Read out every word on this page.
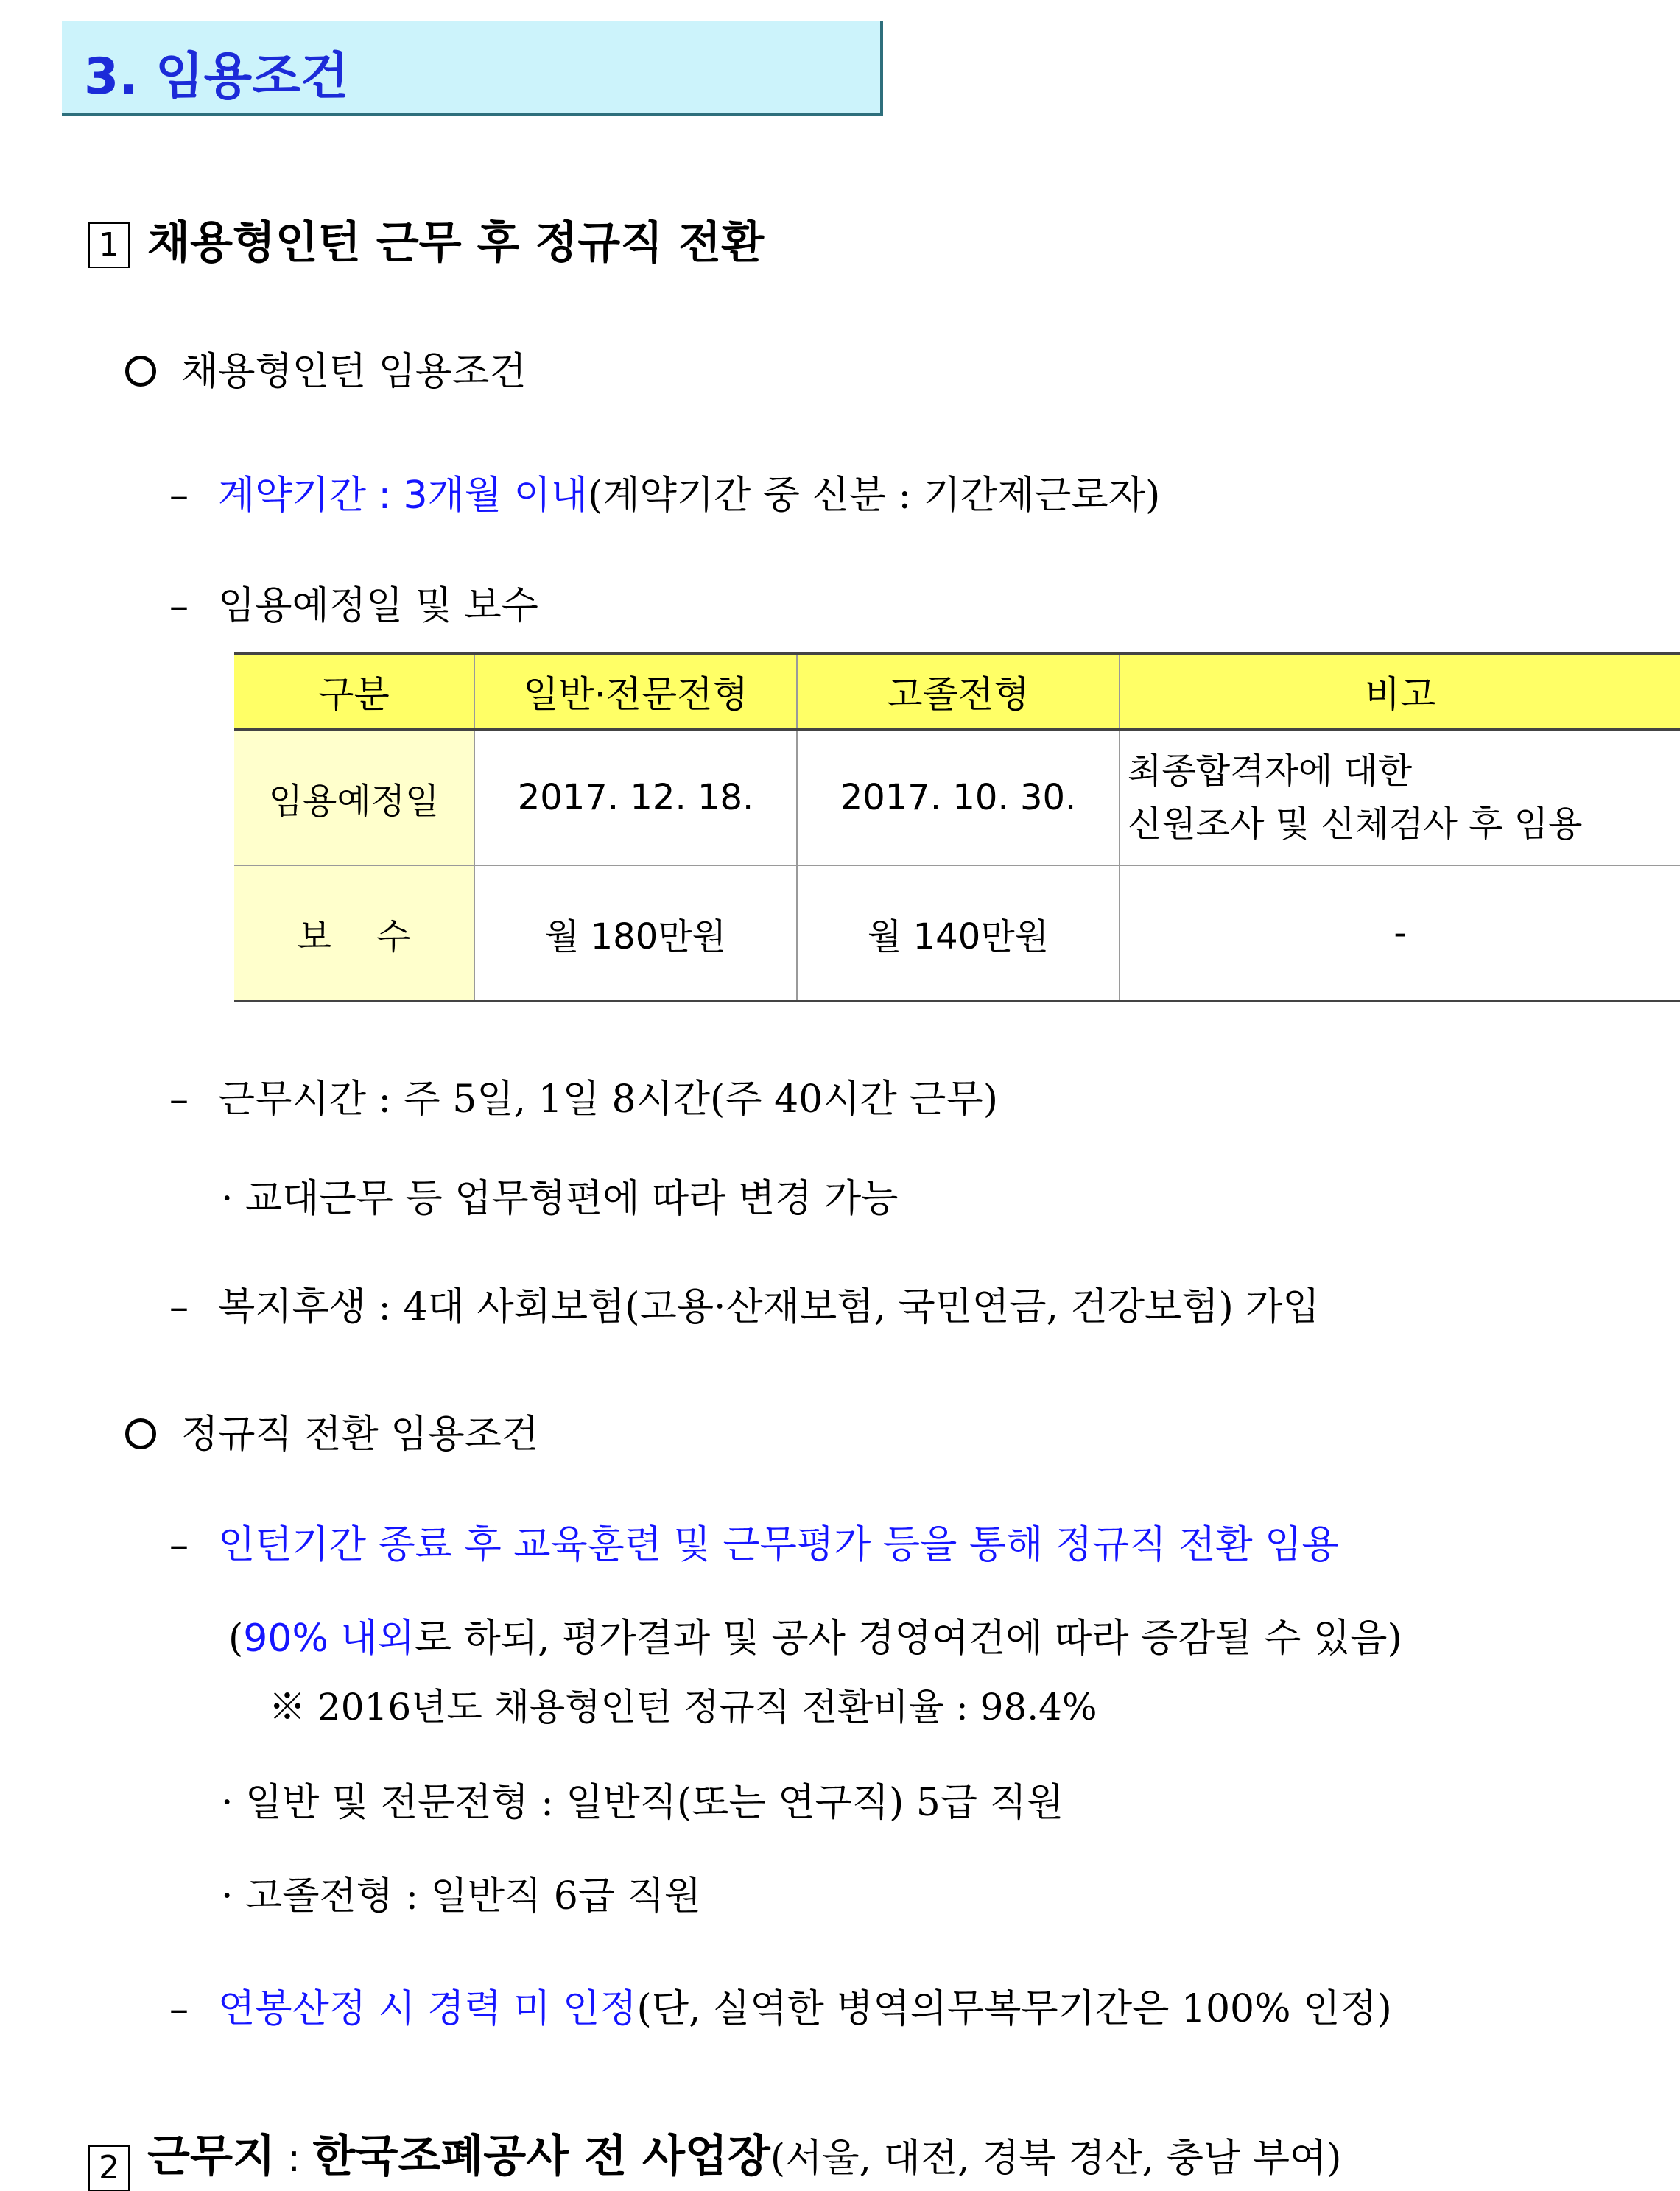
3. 임용조건
1 채용형인턴 근무 후 정규직 전환
채용형인턴 임용조건
– 계약기간 : 3개월 이내(계약기간 중 신분 : 기간제근로자)
– 임용예정일 및 보수
구분	일반·전문전형	고졸전형	비고
임용예정일	2017. 12. 18.	2017. 10. 30.	최종합격자에 대한
신원조사 및 신체검사 후 임용

보    수	월 180만원	월 140만원	-
– 근무시간 : 주 5일, 1일 8시간(주 40시간 근무)
· 교대근무 등 업무형편에 따라 변경 가능
– 복지후생 : 4대 사회보험(고용·산재보험, 국민연금, 건강보험) 가입
정규직 전환 임용조건
– 인턴기간 종료 후 교육훈련 및 근무평가 등을 통해 정규직 전환 임용
(90% 내외로 하되, 평가결과 및 공사 경영여건에 따라 증감될 수 있음)
※ 2016년도 채용형인턴 정규직 전환비율 : 98.4%
· 일반 및 전문전형 : 일반직(또는 연구직) 5급 직원
· 고졸전형 : 일반직 6급 직원
– 연봉산정 시 경력 미 인정(단, 실역한 병역의무복무기간은 100% 인정)
2 근무지 : 한국조폐공사 전 사업장(서울, 대전, 경북 경산, 충남 부여)
